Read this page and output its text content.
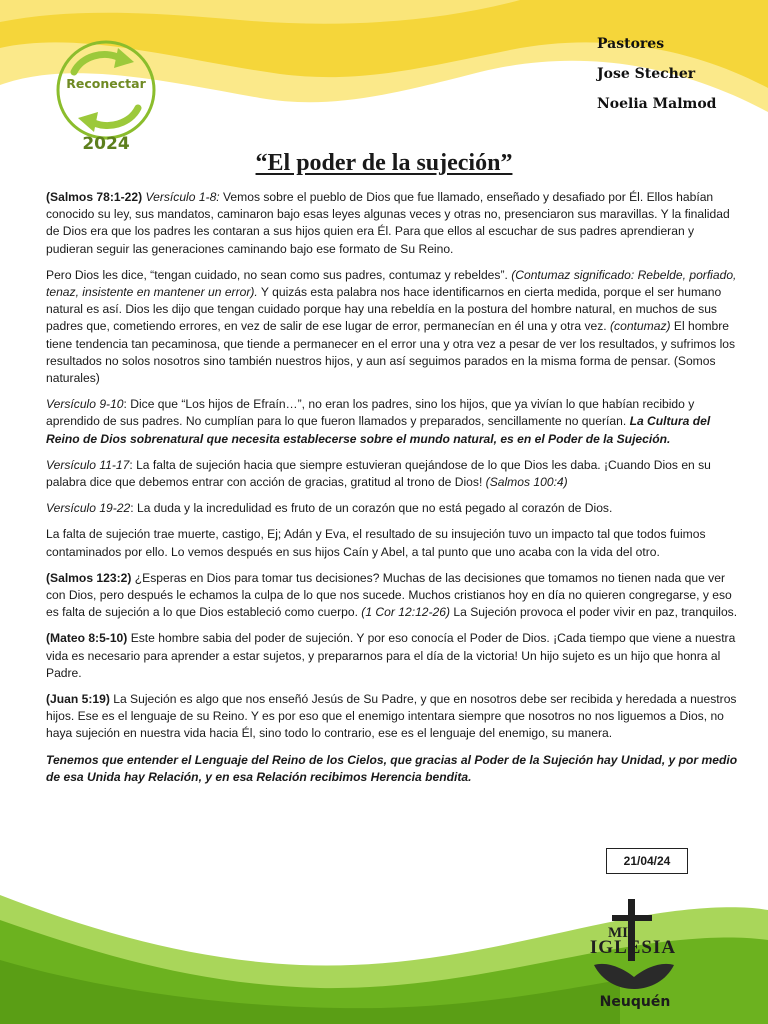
Reconectar
2024
Pastores
Jose Stecher
Noelia Malmod
“El poder de la sujeción”

(Salmos 78:1-22) Versículo 1-8: Vemos sobre el pueblo de Dios que fue llamado, enseñado y desafiado por Él. Ellos habían conocido su ley, sus mandatos, caminaron bajo esas leyes algunas veces y otras no, presenciaron sus maravillas. Y la finalidad de Dios era que los padres les contaran a sus hijos quien era Él. Para que ellos al escuchar de sus padres aprendieran y pudieran seguir las generaciones caminando bajo ese formato de Su Reino.

Pero Dios les dice, “tengan cuidado, no sean como sus padres, contumaz y rebeldes”. (Contumaz significado: Rebelde, porfiado, tenaz, insistente en mantener un error). Y quizás esta palabra nos hace identificarnos en cierta medida, porque el ser humano natural es así. Dios les dijo que tengan cuidado porque hay una rebeldía en la postura del hombre natural, en muchos de sus padres que, cometiendo errores, en vez de salir de ese lugar de error, permanecían en él una y otra vez. (contumaz) El hombre tiene tendencia tan pecaminosa, que tiende a permanecer en el error una y otra vez a pesar de ver los resultados, y sufrimos los resultados no solos nosotros sino también nuestros hijos, y aun así seguimos parados en la misma forma de pensar. (Somos naturales)

Versículo 9-10: Dice que “Los hijos de Efraín…”, no eran los padres, sino los hijos, que ya vivían lo que habían recibido y aprendido de sus padres. No cumplían para lo que fueron llamados y preparados, sencillamente no querían. La Cultura del Reino de Dios sobrenatural que necesita establecerse sobre el mundo natural, es en el Poder de la Sujeción.

Versículo 11-17: La falta de sujeción hacia que siempre estuvieran quejándose de lo que Dios les daba. ¡Cuando Dios en su palabra dice que debemos entrar con acción de gracias, gratitud al trono de Dios! (Salmos 100:4)

Versículo 19-22: La duda y la incredulidad es fruto de un corazón que no está pegado al corazón de Dios.

La falta de sujeción trae muerte, castigo, Ej; Adán y Eva, el resultado de su insujeción tuvo un impacto tal que todos fuimos contaminados por ello. Lo vemos después en sus hijos Caín y Abel, a tal punto que uno acaba con la vida del otro.

(Salmos 123:2) ¿Esperas en Dios para tomar tus decisiones? Muchas de las decisiones que tomamos no tienen nada que ver con Dios, pero después le echamos la culpa de lo que nos sucede. Muchos cristianos hoy en día no quieren congregarse, y eso es falta de sujeción a lo que Dios estableció como cuerpo. (1 Cor 12:12-26) La Sujeción provoca el poder vivir en paz, tranquilos.

(Mateo 8:5-10) Este hombre sabia del poder de sujeción. Y por eso conocía el Poder de Dios. ¡Cada tiempo que viene a nuestra vida es necesario para aprender a estar sujetos, y prepararnos para el día de la victoria! Un hijo sujeto es un hijo que honra al Padre.

(Juan 5:19) La Sujeción es algo que nos enseñó Jesús de Su Padre, y que en nosotros debe ser recibida y heredada a nuestros hijos. Ese es el lenguaje de su Reino. Y es por eso que el enemigo intentara siempre que nosotros no nos liguemos a Dios, no haya sujeción en nuestra vida hacia Él, sino todo lo contrario, ese es el lenguaje del enemigo, su manera.

Tenemos que entender el Lenguaje del Reino de los Cielos, que gracias al Poder de la Sujeción hay Unidad, y por medio de esa Unida hay Relación, y en esa Relación recibimos Herencia bendita.

21/04/24
MI
IGLESIA
Neuquén
